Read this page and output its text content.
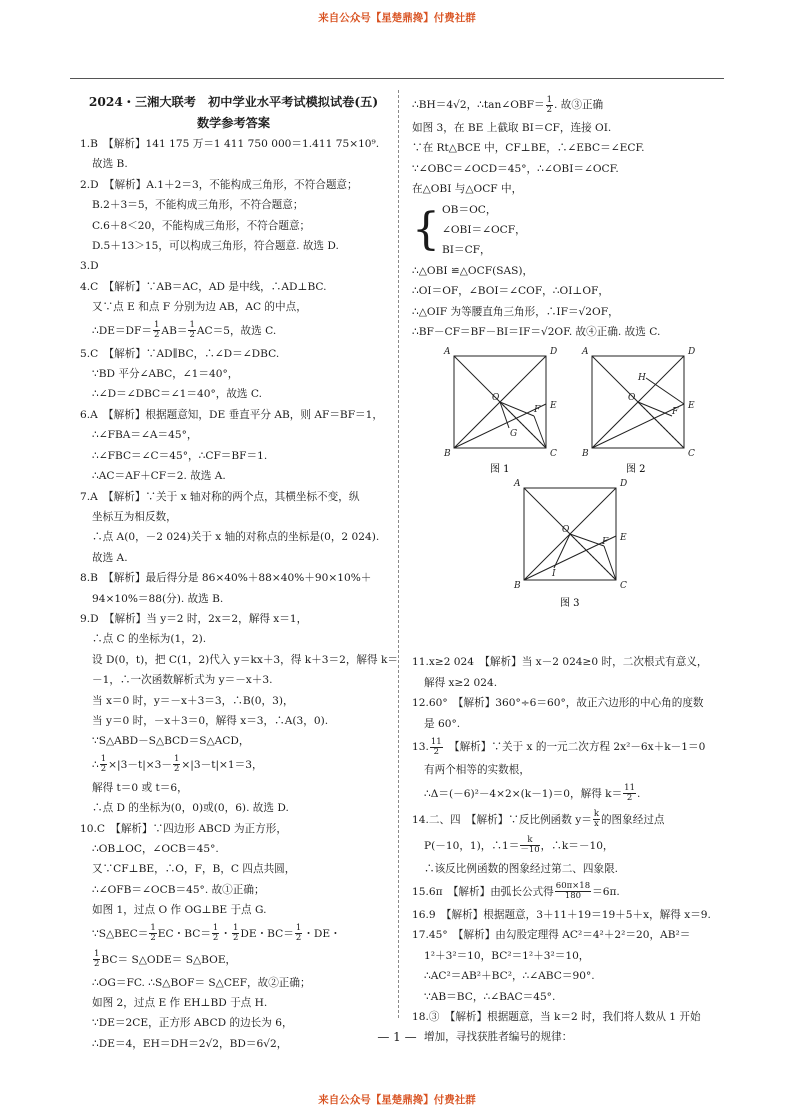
来自公众号【星楚鼎搀】付费社群
2024・三湘大联考　初中学业水平考试模拟试卷(五)
数学参考答案
1.B　【解析】141 175 万＝1 411 750 000＝1.411 75×10⁹.
故选 B.
2.D　【解析】A.1＋2＝3，不能构成三角形，不符合题意；
B.2＋3＝5，不能构成三角形，不符合题意；
C.6＋8＜20，不能构成三角形，不符合题意；
D.5＋13＞15，可以构成三角形，符合题意. 故选 D.
3.D
4.C　【解析】∵AB＝AC，AD 是中线，∴AD⊥BC.
又∵点 E 和点 F 分别为边 AB，AC 的中点，
∴DE＝DF＝ $\frac{1}{2} AB= \frac{1}{2} AC=5$，故选 C.
5.C　【解析】∵AD∥BC，∴∠D＝∠DBC.
∵BD 平分∠ABC，∠1＝40°，
∴∠D＝∠DBC＝∠1＝40°，故选 C.
6.A　【解析】根据题意知，DE 垂直平分 AB，则 AF＝BF＝1，
∴∠FBA＝∠A＝45°，
∴∠FBC＝∠C＝45°，∴CF＝BF＝1.
∴AC＝AF＋CF＝2. 故选 A.
7.A　【解析】∵关于 x 轴对称的两个点，其横坐标不变，纵
坐标互为相反数，
∴点 A(0，－2 024)关于 x 轴的对称点的坐标是(0，2 024).
故选 A.
8.B　【解析】最后得分是 86×40%＋88×40%＋90×10%＋
94×10%＝88(分). 故选 B.
9.D　【解析】当 y＝2 时，2x＝2，解得 x＝1，
∴点 C 的坐标为(1，2).
设 D(0，t)，把 C(1，2)代入 y＝kx＋3，得 k＋3＝2，解得 k＝
－1，∴一次函数解析式为 y＝－x＋3.
当 x＝0 时，y＝－x＋3＝3，∴B(0，3)，
当 y＝0 时，－x＋3＝0，解得 x＝3，∴A(3，0).
∵S△ABD－S△BCD＝S△ACD，
∴ $\frac{1}{2} \times|3-t|\times 3- \frac{1}{2} \times|3-t|\times 1=3$，
解得 t＝0 或 t＝6，
∴点 D 的坐标为(0，0)或(0，6). 故选 D.
10.C　【解析】∵四边形 ABCD 为正方形，
∴OB⊥OC，∠OCB＝45°.
又∵CF⊥BE，∴O，F，B，C 四点共圆，
∴∠OFB＝∠OCB＝45°. 故①正确；
如图 1，过点 O 作 OG⊥BE 于点 G.
∵S△BEC＝ $\frac{1}{2}$ EC・$BC= \frac{1}{2}$ ・ $\frac{1}{2}$ DE・$BC= \frac{1}{2}$ ・DE・
$\frac{1}{2} BC=$ S△ODE＝ S△BOE，
∴OG＝FC. ∴S△BOF＝ S△CEF，故②正确；
如图 2，过点 E 作 EH⊥BD 于点 H.
∵DE＝2CE，正方形 ABCD 的边长为 6，
∴DE＝4，EH＝DH＝2√2，BD＝6√2，
∴BH＝4√2，∴tan∠OBF＝ $\frac{1}{2}$ . 故③正确
如图 3，在 BE 上截取 BI＝CF，连接 OI.
∵在 Rt△BCE 中，CF⊥BE，∴∠EBC＝∠ECF.
∵∠OBC＝∠OCD＝45°，∴∠OBI＝∠OCF.
在△OBI 与△OCF 中，
{ OB＝OC，
∠OBI＝∠OCF，
BI＝CF，
∴△OBI ≌△OCF(SAS)，
∴OI＝OF，∠BOI＝∠COF，∴OI⊥OF，
∴△OIF 为等腰直角三角形，∴IF＝√2OF，
∴BF－CF＝BF－BI＝IF＝√2OF. 故④正确. 故选 C.
A	D
B	C
O
E
F
G
图 1
A	D
B	C
O
E
F
H
图 2
A	D
B	C
O
E
F
I
图 3
11.x≥2 024　【解析】当 x－2 024≥0 时，二次根式有意义，
解得 x≥2 024.
12.60°　【解析】360°÷6＝60°，故正六边形的中心角的度数
是 60°.
13. $\frac{11}{2}$ 　【解析】∵关于 x 的一元二次方程 2x²－6x＋k－1＝0
有两个相等的实数根，
∴Δ＝(－6)²－4×2×(k－1)＝0，解得 $k= \frac{11}{2}$ .
14.二、四　【解析】∵反比例函数 $y= \frac{k}{x}$ 的图象经过点
P(－10，1)，∴1＝ $\frac{k}{-10}$ ，∴k＝－10，
∴该反比例函数的图象经过第二、四象限.
15.6π　【解析】由弧长公式得 $\frac{60\pi\times 18}{180} =6\pi$.
16.9　【解析】根据题意，3＋11＋19＝19＋5＋x，解得 x＝9.
17.45°　【解析】由勾股定理得 AC²＝4²＋2²＝20，AB²＝
1²＋3²＝10，BC²＝1²＋3²＝10，
∴AC²＝AB²＋BC²，∴∠ABC＝90°.
∵AB＝BC，∴∠BAC＝45°.
18.③　【解析】根据题意，当 k＝2 时，我们将人数从 1 开始
增加，寻找获胜者编号的规律：
— 1 —
来自公众号【星楚鼎搀】付费社群
